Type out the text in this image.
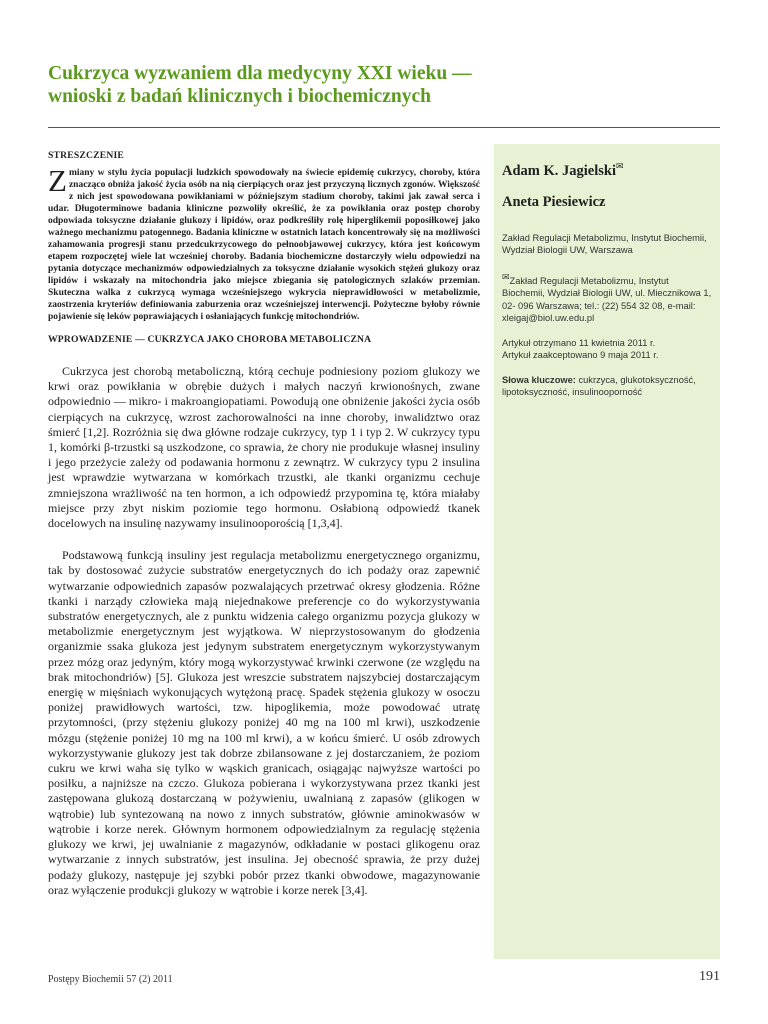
Cukrzyca wyzwaniem dla medycyny XXI wieku —
wnioski z badań klinicznych i biochemicznych
STRESZCZENIE

Zmiany w stylu życia populacji ludzkich spowodowały na świecie epidemię cukrzycy, choroby, która znacząco obniża jakość życia osób na nią cierpiących oraz jest przyczyną licznych zgonów. Większość z nich jest spowodowana powikłaniami w późniejszym stadium choroby, takimi jak zawał serca i udar. Długoterminowe badania kliniczne pozwoliły określić, że za powikłania oraz postęp choroby odpowiada toksyczne działanie glukozy i lipidów, oraz podkreśliły rolę hiperglikemii poposiłkowej jako ważnego mechanizmu patogennego. Badania kliniczne w ostatnich latach koncentrowały się na możliwości zahamowania progresji stanu przedcukrzycowego do pełnoobjawowej cukrzycy, która jest końcowym etapem rozpoczętej wiele lat wcześniej choroby. Badania biochemiczne dostarczyły wielu odpowiedzi na pytania dotyczące mechanizmów odpowiedzialnych za toksyczne działanie wysokich stężeń glukozy oraz lipidów i wskazały na mitochondria jako miejsce zbiegania się patologicznych szlaków przemian. Skuteczna walka z cukrzycą wymaga wcześniejszego wykrycia nieprawidłowości w metabolizmie, zaostrzenia kryteriów definiowania zaburzenia oraz wcześniejszej interwencji. Pożyteczne byłoby równie pojawienie się leków poprawiających i osłaniających funkcję mitochondriów.

WPROWADZENIE — CUKRZYCA JAKO CHOROBA METABOLICZNA

Cukrzyca jest chorobą metaboliczną, którą cechuje podniesiony poziom glukozy we krwi oraz powikłania w obrębie dużych i małych naczyń krwionośnych, zwane odpowiednio — mikro- i makroangiopatiami. Powodują one obniżenie jakości życia osób cierpiących na cukrzycę, wzrost zachorowalności na inne choroby, inwalidztwo oraz śmierć [1,2]. Rozróżnia się dwa główne rodzaje cukrzycy, typ 1 i typ 2. W cukrzycy typu 1, komórki β-trzustki są uszkodzone, co sprawia, że chory nie produkuje własnej insuliny i jego przeżycie zależy od podawania hormonu z zewnątrz. W cukrzycy typu 2 insulina jest wprawdzie wytwarzana w komórkach trzustki, ale tkanki organizmu cechuje zmniejszona wrażliwość na ten hormon, a ich odpowiedź przypomina tę, która miałaby miejsce przy zbyt niskim poziomie tego hormonu. Osłabioną odpowiedź tkanek docelowych na insulinę nazywamy insulinooporością [1,3,4].

Podstawową funkcją insuliny jest regulacja metabolizmu energetycznego organizmu, tak by dostosować zużycie substratów energetycznych do ich podaży oraz zapewnić wytwarzanie odpowiednich zapasów pozwalających przetrwać okresy głodzenia. Różne tkanki i narządy człowieka mają niejednakowe preferencje co do wykorzystywania substratów energetycznych, ale z punktu widzenia całego organizmu pozycja glukozy w metabolizmie energetycznym jest wyjątkowa. W nieprzystosowanym do głodzenia organizmie ssaka glukoza jest jedynym substratem energetycznym wykorzystywanym przez mózg oraz jedyným, który mogą wykorzystywać krwinki czerwone (ze względu na brak mitochondriów) [5]. Glukoza jest wreszcie substratem najszybciej dostarczającym energię w mięśniach wykonujących wytężoną pracę. Spadek stężenia glukozy w osoczu poniżej prawidłowych wartości, tzw. hipoglikemia, może powodować utratę przytomności, (przy stężeniu glukozy poniżej 40 mg na 100 ml krwi), uszkodzenie mózgu (stężenie poniżej 10 mg na 100 ml krwi), a w końcu śmierć. U osób zdrowych wykorzystywanie glukozy jest tak dobrze zbilansowane z jej dostarczaniem, że poziom cukru we krwi waha się tylko w wąskich granicach, osiągając najwyższe wartości po posiłku, a najniższe na czczo. Glukoza pobierana i wykorzystywana przez tkanki jest zastępowana glukozą dostarczaną w pożywieniu, uwalnianą z zapasów (glikogen w wątrobie) lub syntezowaną na nowo z innych substratów, głównie aminokwasów w wątrobie i korze nerek. Głównym hormonem odpowiedzialnym za regulację stężenia glukozy we krwi, jej uwalnianie z magazynów, odkładanie w postaci glikogenu oraz wytwarzanie z innych substratów, jest insulina. Jej obecność sprawia, że przy dużej podaży glukozy, następuje jej szybki pobór przez tkanki obwodowe, magazynowanie oraz wyłączenie produkcji glukozy w wątrobie i korze nerek [3,4].

Adam K. Jagielski✉

Aneta Piesiewicz

Zakład Regulacji Metabolizmu, Instytut Biochemii, Wydział Biologii UW, Warszawa

✉Zakład Regulacji Metabolizmu, Instytut Biochemii, Wydział Biologii UW, ul. Miecznikowa 1, 02- 096 Warszawa; tel.: (22) 554 32 08, e-mail: xleigaj@biol.uw.edu.pl

Artykuł otrzymano 11 kwietnia 2011 r.
Artykuł zaakceptowano 9 maja 2011 r.

Słowa kluczowe: cukrzyca, glukotoksyczność, lipotoksyczność, insulinooporność

Postępy Biochemii 57 (2) 2011	191
